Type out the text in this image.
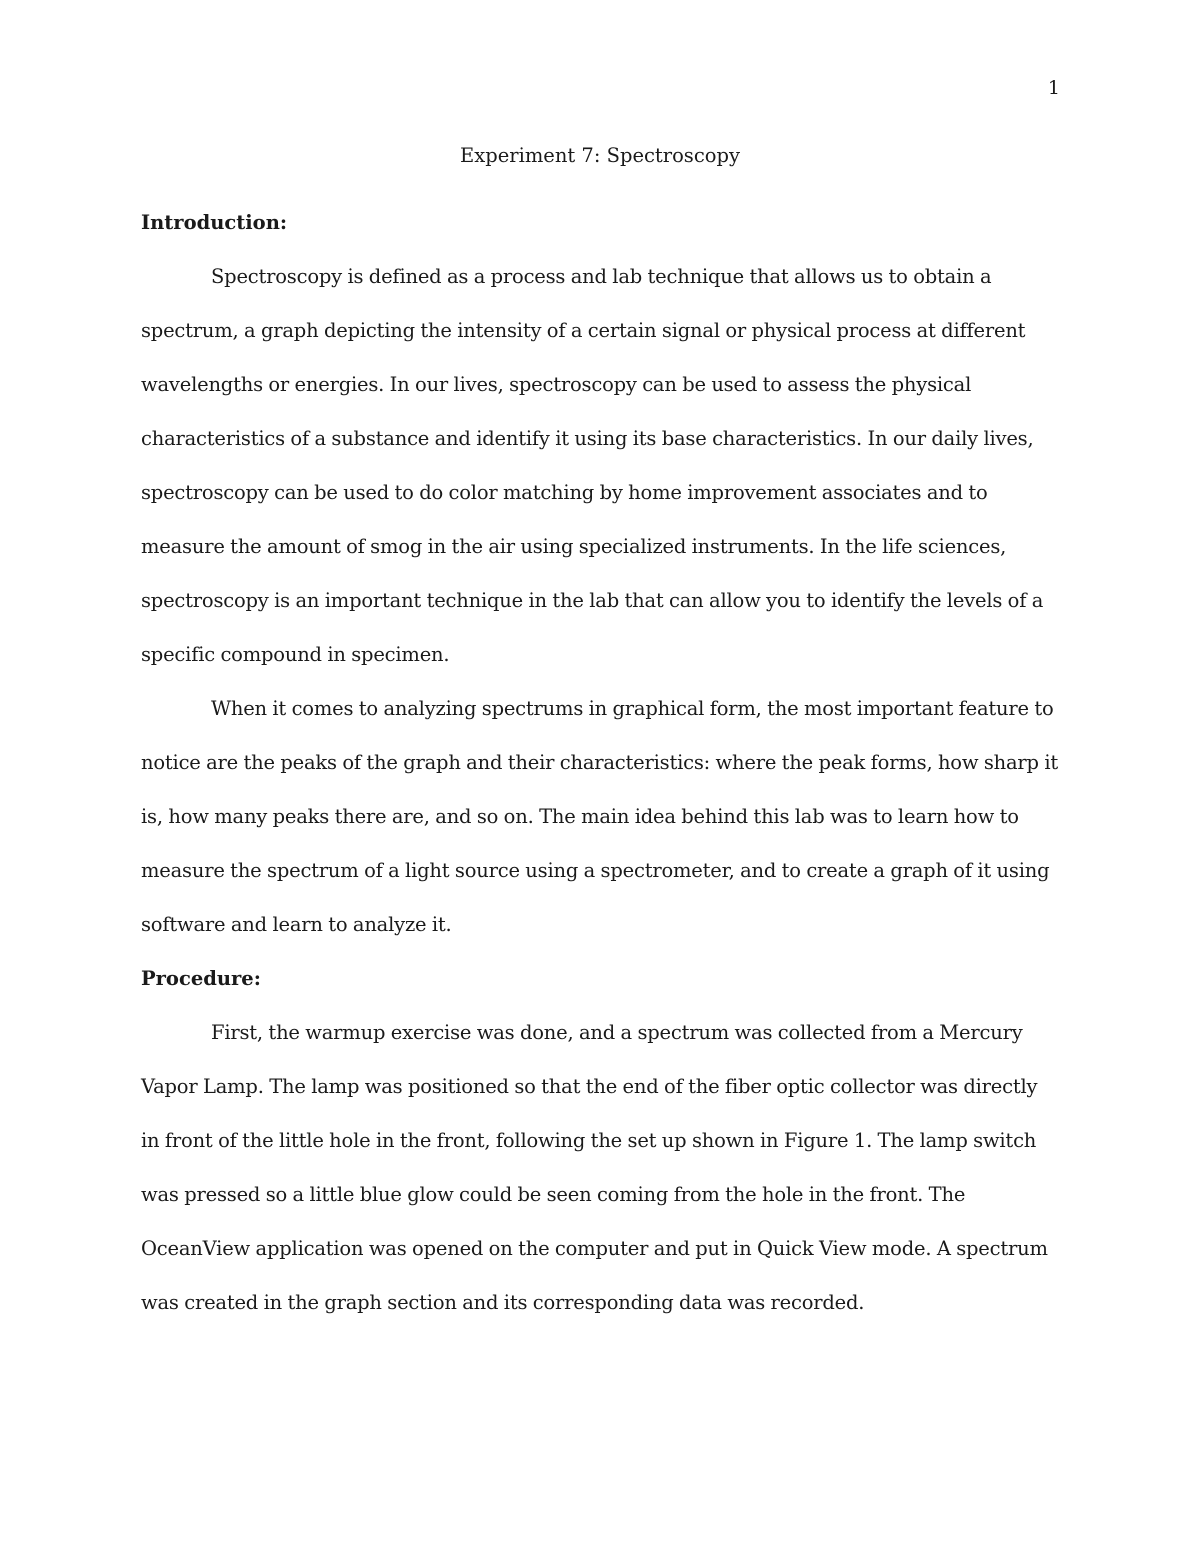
1
Experiment 7: Spectroscopy
Introduction:

Spectroscopy is defined as a process and lab technique that allows us to obtain a spectrum, a graph depicting the intensity of a certain signal or physical process at different wavelengths or energies. In our lives, spectroscopy can be used to assess the physical characteristics of a substance and identify it using its base characteristics. In our daily lives, spectroscopy can be used to do color matching by home improvement associates and to measure the amount of smog in the air using specialized instruments. In the life sciences, spectroscopy is an important technique in the lab that can allow you to identify the levels of a specific compound in specimen.

When it comes to analyzing spectrums in graphical form, the most important feature to notice are the peaks of the graph and their characteristics: where the peak forms, how sharp it is, how many peaks there are, and so on. The main idea behind this lab was to learn how to measure the spectrum of a light source using a spectrometer, and to create a graph of it using software and learn to analyze it.

Procedure:

First, the warmup exercise was done, and a spectrum was collected from a Mercury Vapor Lamp. The lamp was positioned so that the end of the fiber optic collector was directly in front of the little hole in the front, following the set up shown in Figure 1. The lamp switch was pressed so a little blue glow could be seen coming from the hole in the front. The OceanView application was opened on the computer and put in Quick View mode. A spectrum was created in the graph section and its corresponding data was recorded.
